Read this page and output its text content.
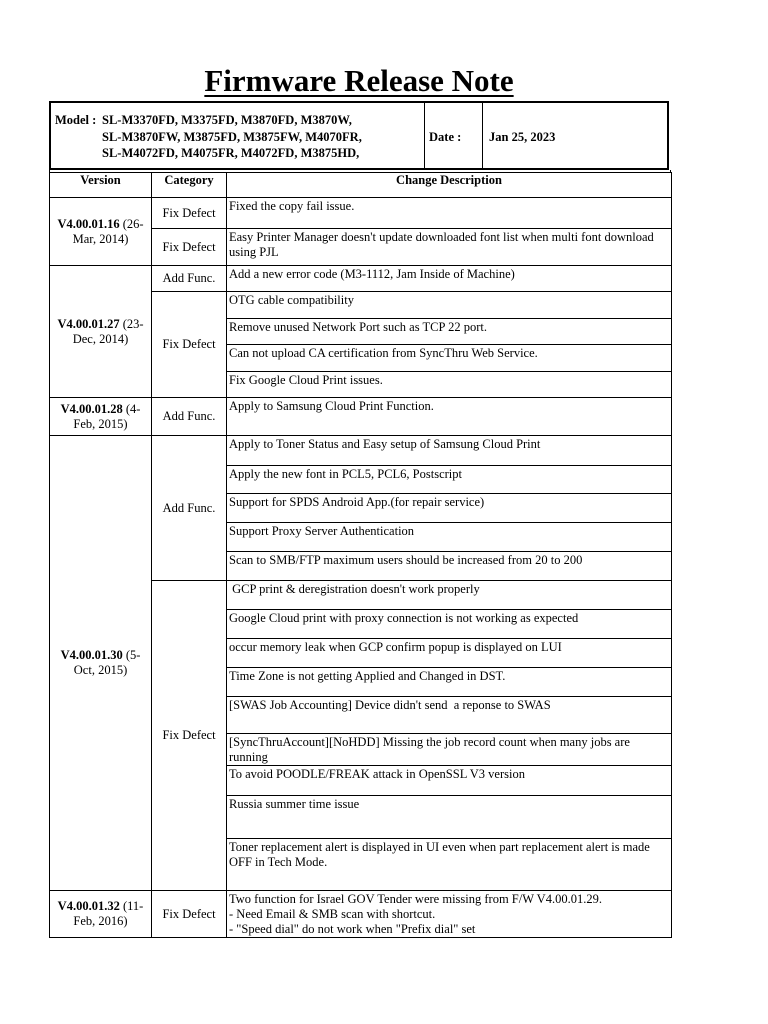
Firmware Release Note
Model : SL-M3370FD, M3375FD, M3870FD, M3870W,
SL-M3870FW, M3875FD, M3875FW, M4070FR,
SL-M4072FD, M4075FR, M4072FD, M3875HD,
Date :	Jan 25, 2023
Version	Category	Change Description
V4.00.01.16 (26-Mar, 2014)	Fix Defect	Fixed the copy fail issue.
	Fix Defect	Easy Printer Manager doesn't update downloaded font list when multi font download using PJL
V4.00.01.27 (23-Dec, 2014)	Add Func.	Add a new error code (M3-1112, Jam Inside of Machine)
	Fix Defect	OTG cable compatibility
		Remove unused Network Port such as TCP 22 port.
		Can not upload CA certification from SyncThru Web Service.
		Fix Google Cloud Print issues.
V4.00.01.28 (4-Feb, 2015)	Add Func.	Apply to Samsung Cloud Print Function.
V4.00.01.30 (5-Oct, 2015)	Add Func.	Apply to Toner Status and Easy setup of Samsung Cloud Print
		Apply the new font in PCL5, PCL6, Postscript
		Support for SPDS Android App.(for repair service)
		Support Proxy Server Authentication
		Scan to SMB/FTP maximum users should be increased from 20 to 200
	Fix Defect	GCP print & deregistration doesn't work properly
		Google Cloud print with proxy connection is not working as expected
		occur memory leak when GCP confirm popup is displayed on LUI
		Time Zone is not getting Applied and Changed in DST.
		[SWAS Job Accounting] Device didn't send  a reponse to SWAS
		[SyncThruAccount][NoHDD] Missing the job record count when many jobs are running
		To avoid POODLE/FREAK attack in OpenSSL V3 version
		Russia summer time issue
		Toner replacement alert is displayed in UI even when part replacement alert is made OFF in Tech Mode.
V4.00.01.32 (11-Feb, 2016)	Fix Defect	Two function for Israel GOV Tender were missing from F/W V4.00.01.29.
- Need Email & SMB scan with shortcut.
- "Speed dial" do not work when "Prefix dial" set
